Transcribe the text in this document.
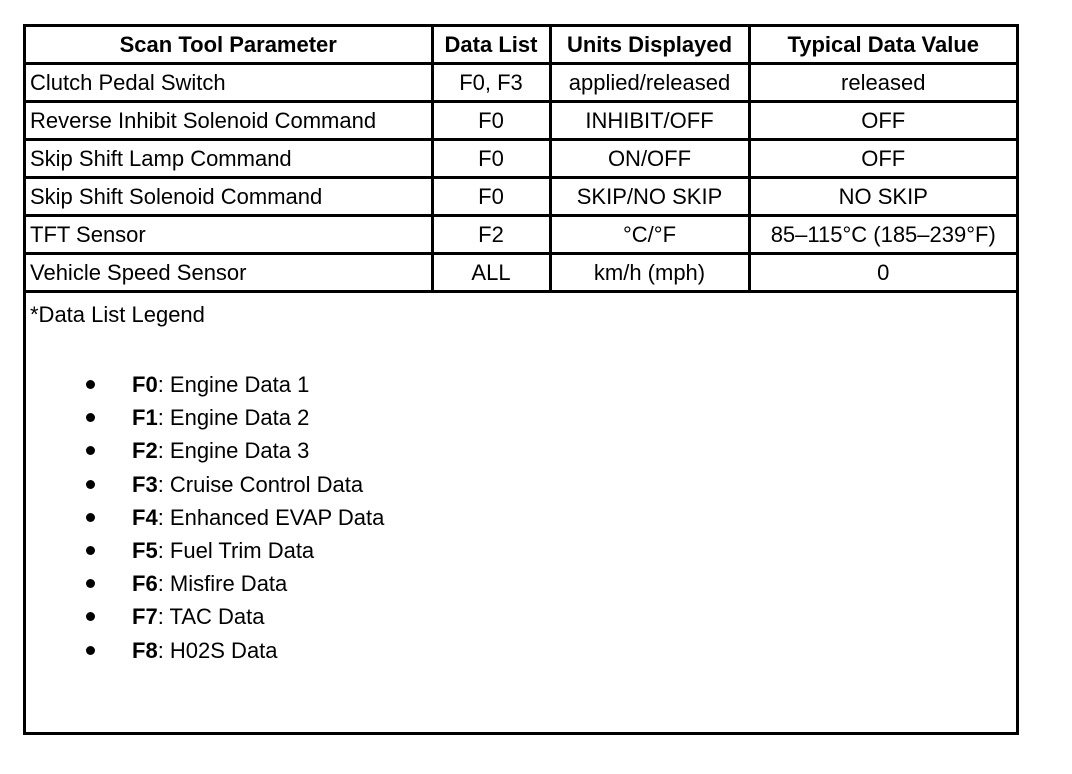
Scan Tool Parameter	Data List	Units Displayed	Typical Data Value
Clutch Pedal Switch	F0, F3	applied/released	released
Reverse Inhibit Solenoid Command	F0	INHIBIT/OFF	OFF
Skip Shift Lamp Command	F0	ON/OFF	OFF
Skip Shift Solenoid Command	F0	SKIP/NO SKIP	NO SKIP
TFT Sensor	F2	°C/°F	85–115°C (185–239°F)
Vehicle Speed Sensor	ALL	km/h (mph)	0
*Data List Legend
F0: Engine Data 1
F1: Engine Data 2
F2: Engine Data 3
F3: Cruise Control Data
F4: Enhanced EVAP Data
F5: Fuel Trim Data
F6: Misfire Data
F7: TAC Data
F8: H02S Data
